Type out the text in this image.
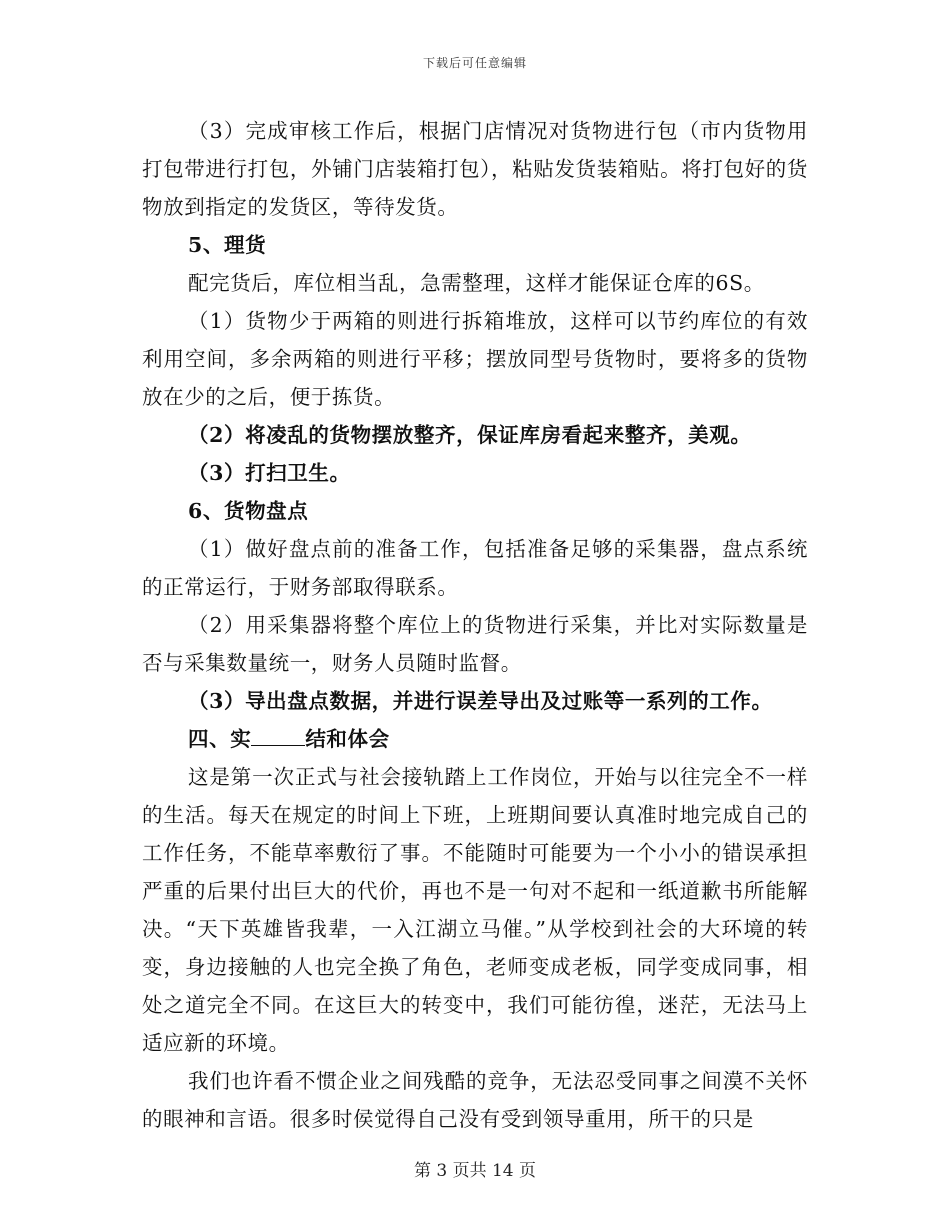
下载后可任意编辑

（3）完成审核工作后，根据门店情况对货物进行包（市内货物用打包带进行打包，外铺门店装箱打包），粘贴发货装箱贴。将打包好的货物放到指定的发货区，等待发货。

5、理货

配完货后，库位相当乱，急需整理，这样才能保证仓库的6S。

（1）货物少于两箱的则进行拆箱堆放，这样可以节约库位的有效利用空间，多余两箱的则进行平移；摆放同型号货物时，要将多的货物放在少的之后，便于拣货。

（2）将凌乱的货物摆放整齐，保证库房看起来整齐，美观。

（3）打扫卫生。

6、货物盘点

（1）做好盘点前的准备工作，包括准备足够的采集器，盘点系统的正常运行，于财务部取得联系。

（2）用采集器将整个库位上的货物进行采集，并比对实际数量是否与采集数量统一，财务人员随时监督。

（3）导出盘点数据，并进行误差导出及过账等一系列的工作。

四、实	结和体会

这是第一次正式与社会接轨踏上工作岗位，开始与以往完全不一样的生活。每天在规定的时间上下班，上班期间要认真准时地完成自己的工作任务，不能草率敷衍了事。不能随时可能要为一个小小的错误承担严重的后果付出巨大的代价，再也不是一句对不起和一纸道歉书所能解决。“天下英雄皆我辈，一入江湖立马催。”从学校到社会的大环境的转变，身边接触的人也完全换了角色，老师变成老板，同学变成同事，相处之道完全不同。在这巨大的转变中，我们可能彷徨，迷茫，无法马上适应新的环境。

我们也许看不惯企业之间残酷的竞争，无法忍受同事之间漠不关怀的眼神和言语。很多时侯觉得自己没有受到领导重用，所干的只是

第 3 页共 14 页
